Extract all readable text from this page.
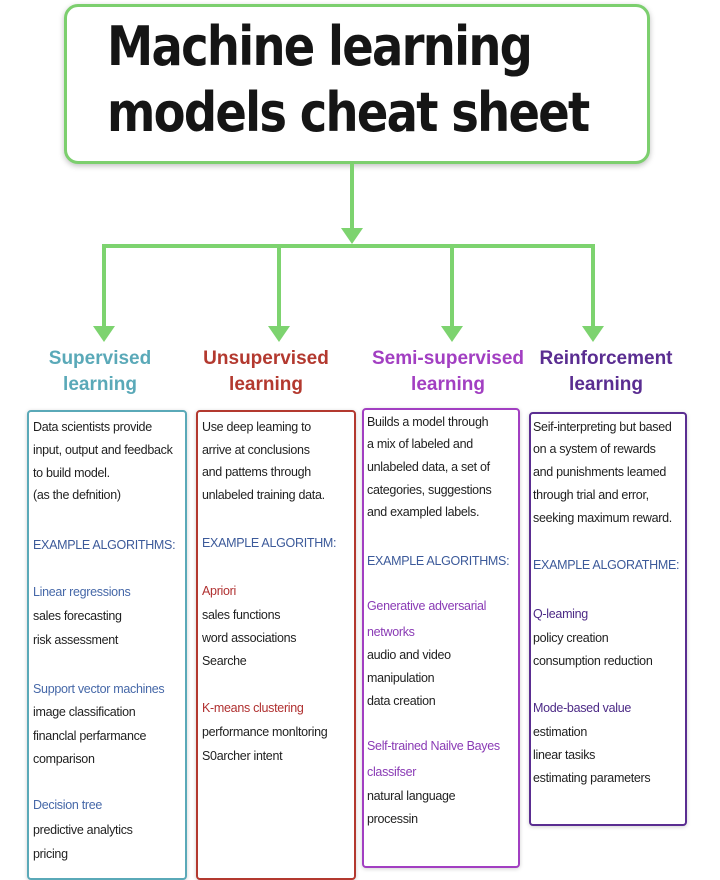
Machine learning
models cheat sheet
Supervised
learning
Data scientists provide
input, output and feedback
to build model.
(as the defnition)
EXAMPLE ALGORITHMS:
Linear regressions
sales forecasting
risk assessment
Support vector machines
image classification
financlal perfarmance
comparison
Decision tree
predictive analytics
pricing
Unsupervised
learning
Use deep leaming to
arrive at conclusions
and pattems through
unlabeled training data.
EXAMPLE ALGORITHM:
Apriori
sales functions
word associations
Searche
K-means clustering
performance monltoring
S0archer intent
Semi-supervised
learning
Builds a model through
a mix of labeled and
unlabeled data, a set of
categories, suggestions
and exampled labels.
EXAMPLE ALGORITHMS:
Generative adversarial
networks
audio and video
manipulation
data creation
Self-trained Nailve Bayes
classifser
natural language
processin
Reinforcement
learning
Seif-interpreting but based
on a system of rewards
and punishments leamed
through trial and error,
seeking maximum reward.
EXAMPLE ALGORATHME:
Q-leaming
policy creation
consumption reduction
Mode-based value
estimation
linear tasiks
estimating parameters
